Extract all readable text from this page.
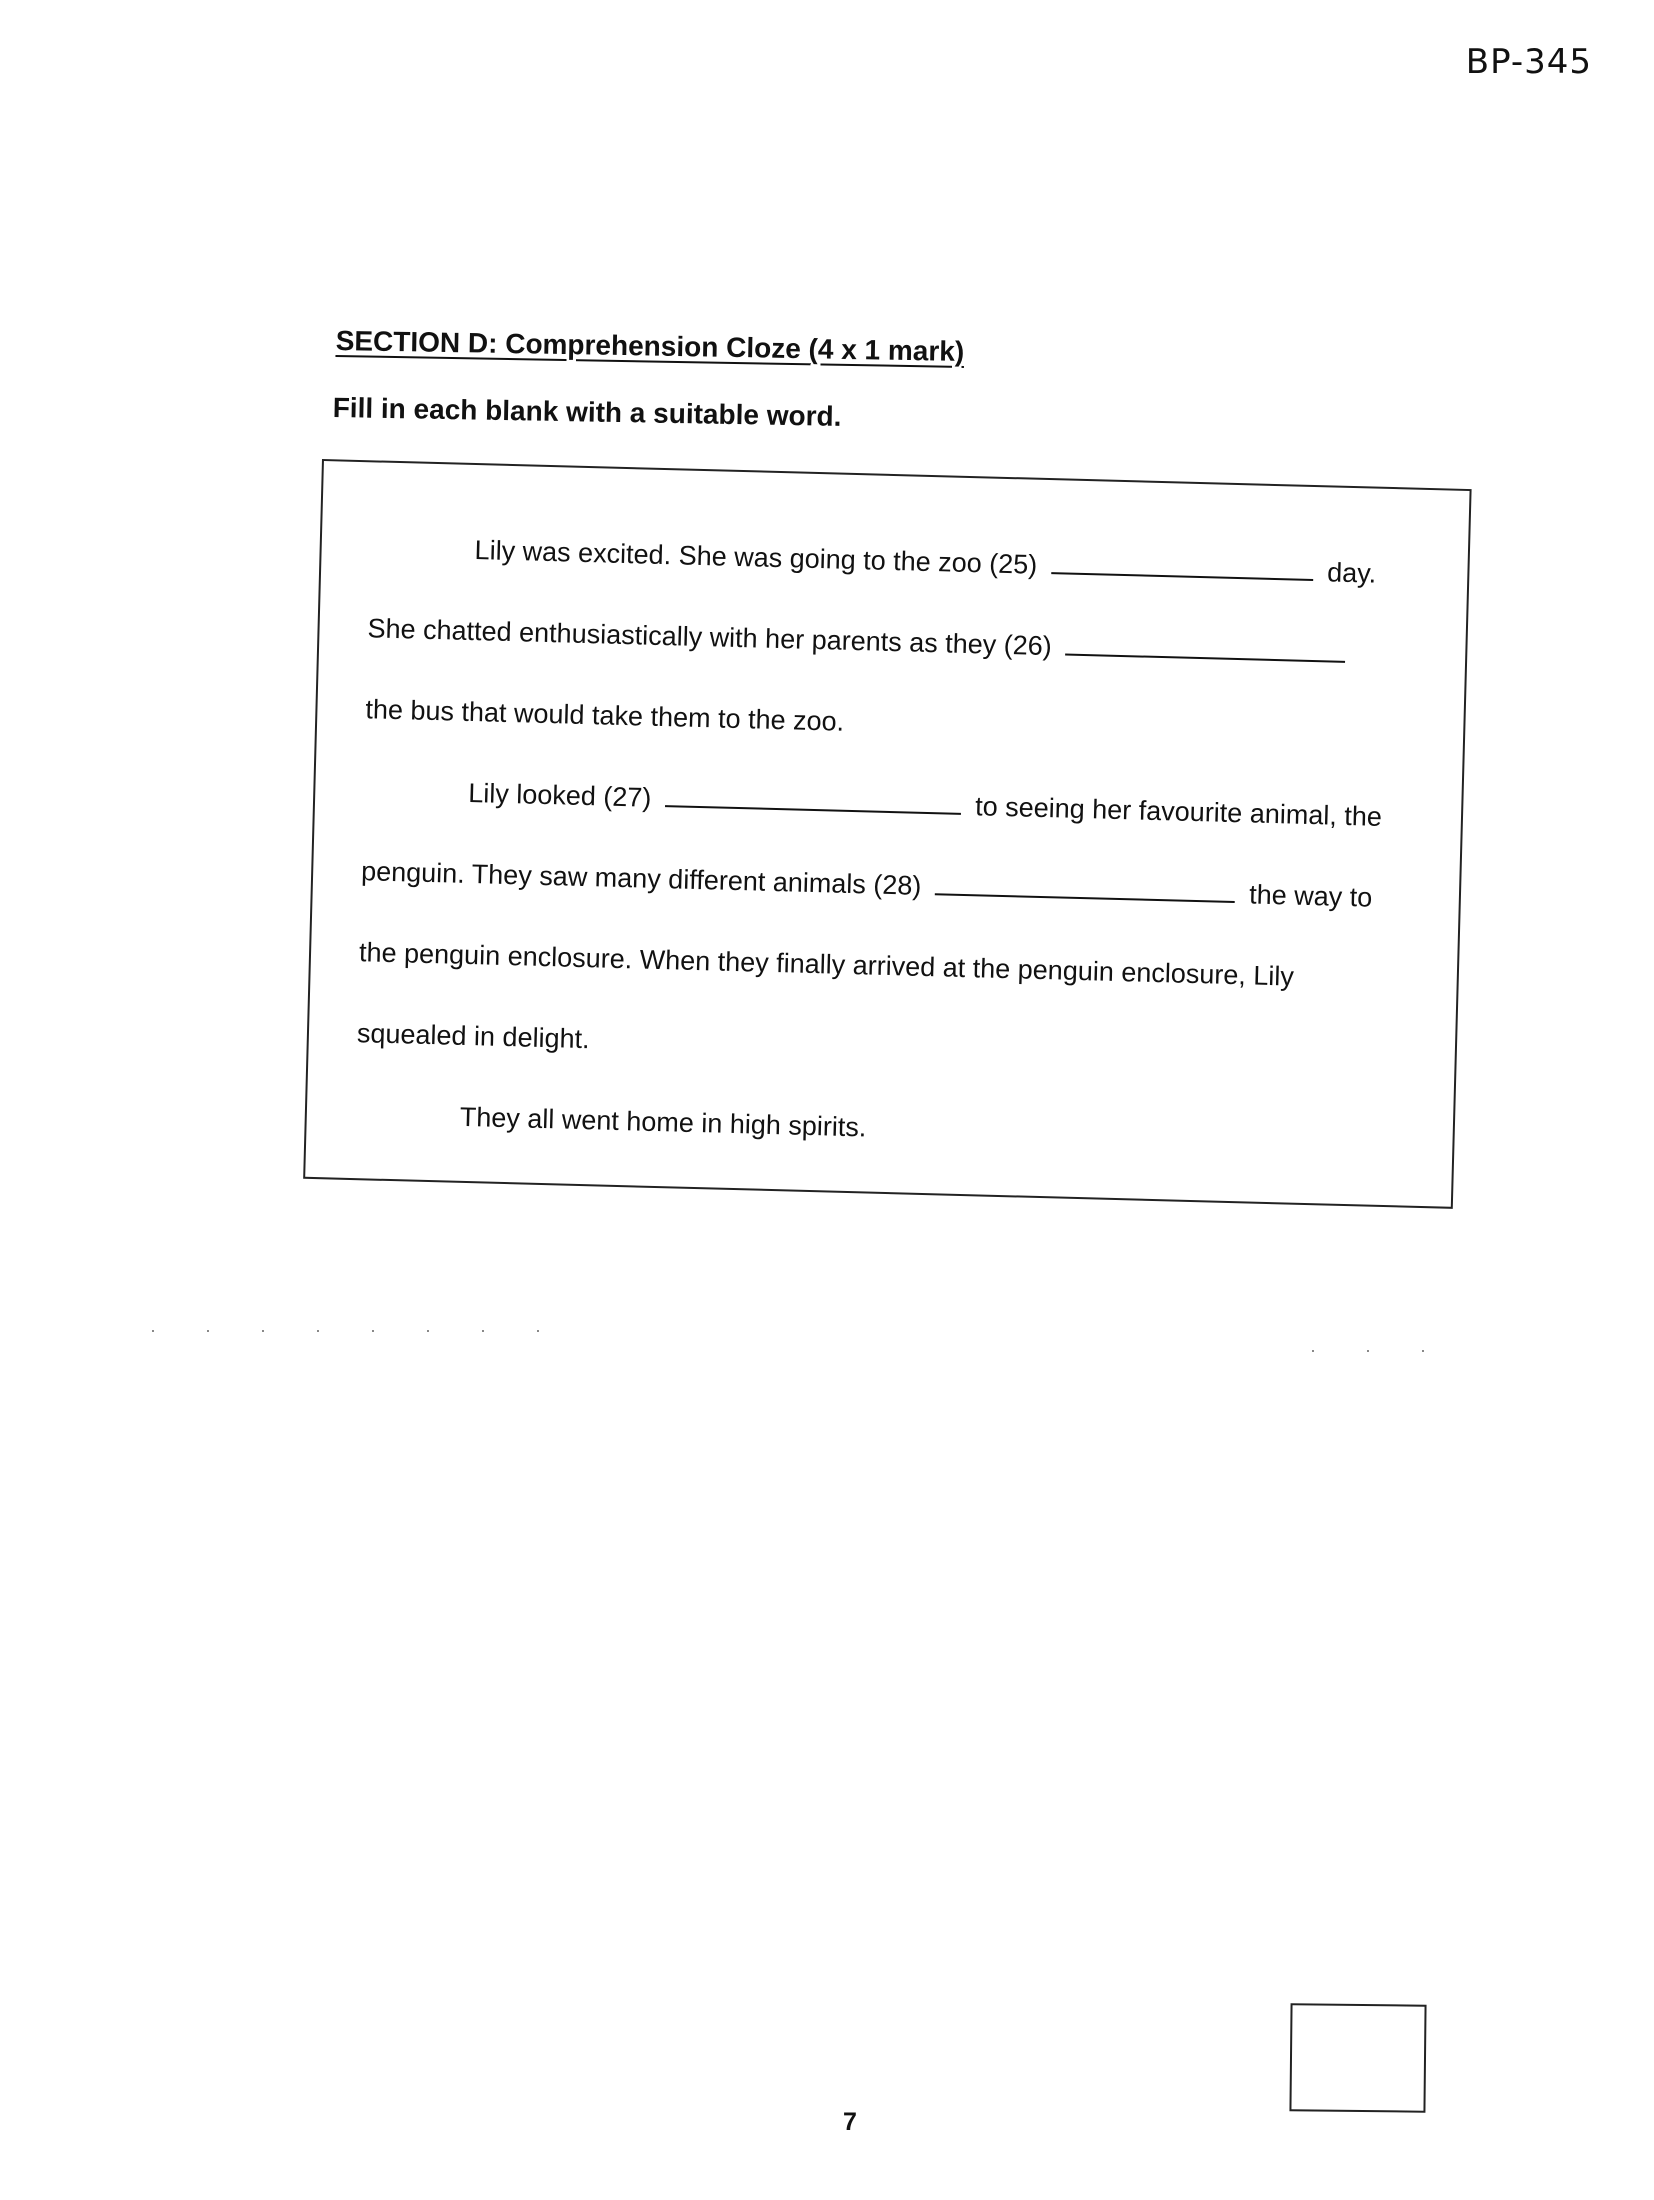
BP-345
· · · · · · · ·
· · ·
SECTION D: Comprehension Cloze (4 x 1 mark)
Fill in each blank with a suitable word.
Lily was excited. She was going to the zoo (25)	day.
She chatted enthusiastically with her parents as they (26)
the bus that would take them to the zoo.
Lily looked (27)	to seeing her favourite animal, the
penguin. They saw many different animals (28)	the way to
the penguin enclosure. When they finally arrived at the penguin enclosure, Lily
squealed in delight.
They all went home in high spirits.
7
